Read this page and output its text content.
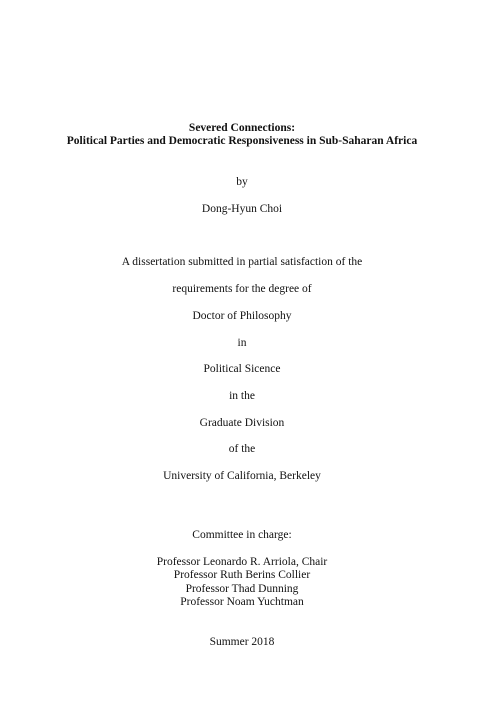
Severed Connections:
Political Parties and Democratic Responsiveness in Sub-Saharan Africa
by
Dong-Hyun Choi
A dissertation submitted in partial satisfaction of the
requirements for the degree of
Doctor of Philosophy
in
Political Sicence
in the
Graduate Division
of the
University of California, Berkeley
Committee in charge:
Professor Leonardo R. Arriola, Chair
Professor Ruth Berins Collier
Professor Thad Dunning
Professor Noam Yuchtman
Summer 2018
